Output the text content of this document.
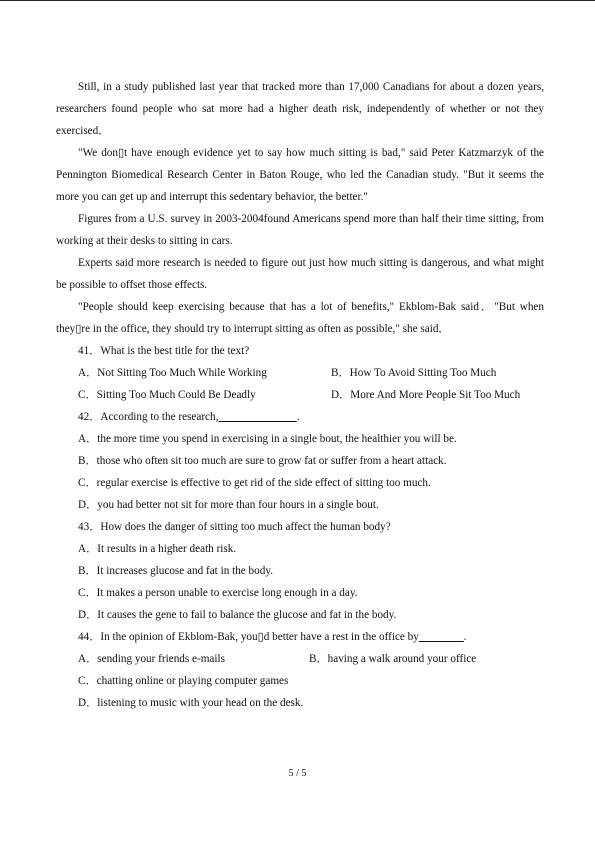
Still, in a study published last year that tracked more than 17,000 Canadians for about a dozen years, researchers found people who sat more had a higher death risk, independently of whether or not they exercised．

"We don▯t have enough evidence yet to say how much sitting is bad," said Peter Katzmarzyk of the Pennington Biomedical Research Center in Baton Rouge, who led the Canadian study. "But it seems the more you can get up and interrupt this sedentary behavior, the better."

Figures from a U.S. survey in 2003-2004found Americans spend more than half their time sitting, from working at their desks to sitting in cars.

Experts said more research is needed to figure out just how much sitting is dangerous, and what might be possible to offset those effects.

"People should keep exercising because that has a lot of benefits," Ekblom-Bak said．"But when they▯re in the office, they should try to interrupt sitting as often as possible," she said．

41．What is the best title for the text?
A．Not Sitting Too Much While Working	B．How To Avoid Sitting Too Much
C．Sitting Too Much Could Be Deadly	D．More And More People Sit Too Much
42．According to the research,______________.
A．the more time you spend in exercising in a single bout, the healthier you will be.
B．those who often sit too much are sure to grow fat or suffer from a heart attack.
C．regular exercise is effective to get rid of the side effect of sitting too much.
D．you had better not sit for more than four hours in a single bout.
43．How does the danger of sitting too much affect the human body?
A．It results in a higher death risk.
B．It increases glucose and fat in the body.
C．It makes a person unable to exercise long enough in a day.
D．It causes the gene to fail to balance the glucose and fat in the body.
44．In the opinion of Ekblom-Bak, you▯d better have a rest in the office by________.
A．sending your friends e-mails	B．having a walk around your office
C．chatting online or playing computer games
D．listening to music with your head on the desk.
5 / 5
